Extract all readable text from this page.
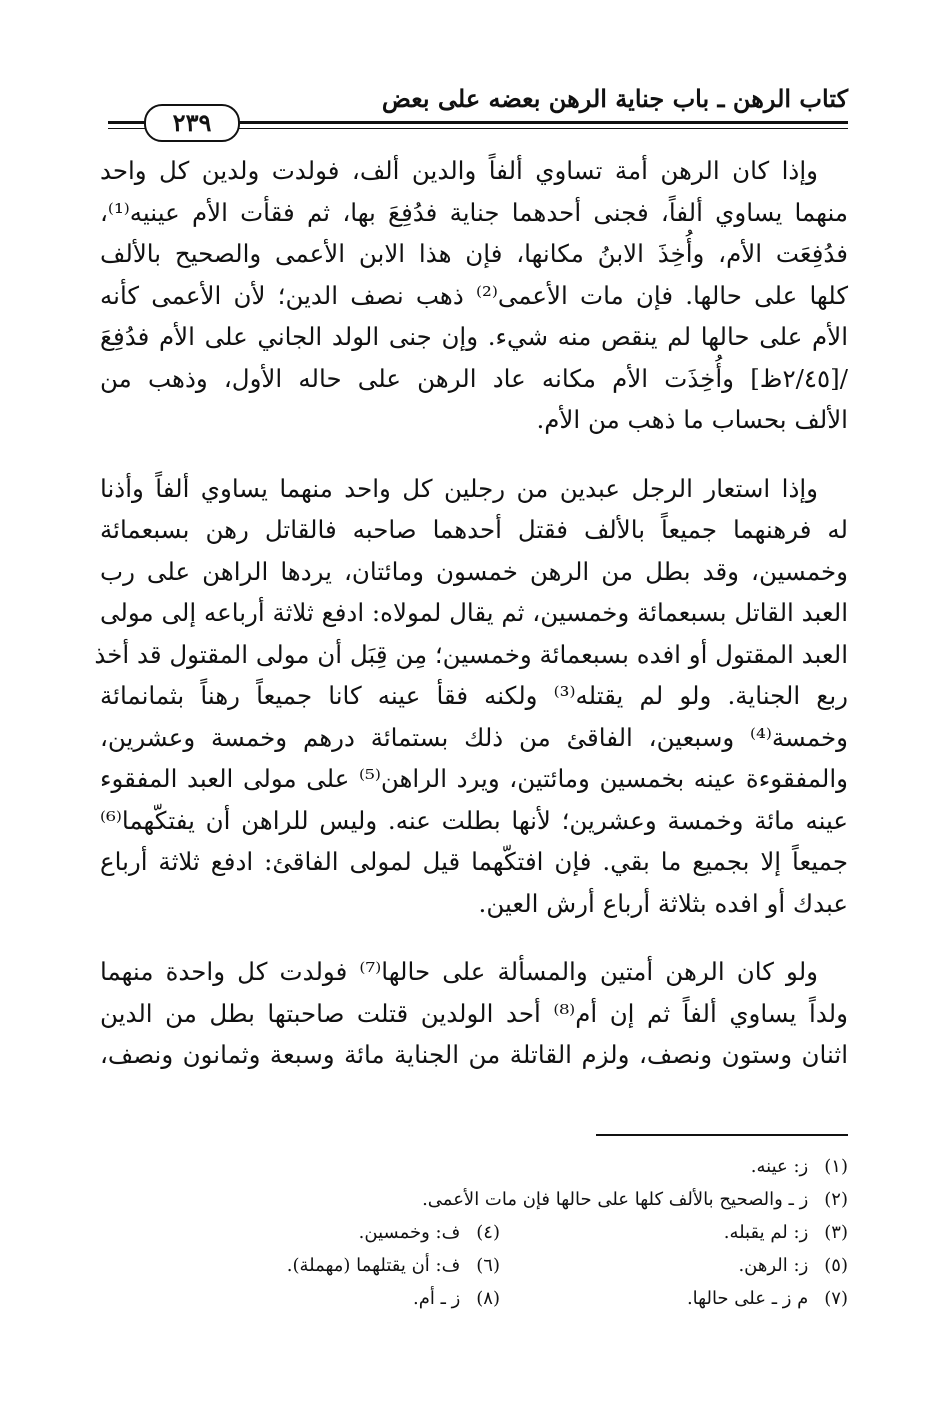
كتاب الرهن ـ باب جناية الرهن بعضه على بعض
٢٣٩
وإذا كان الرهن أمة تساوي ألفاً والدين ألف، فولدت ولدين كل واحد
منهما يساوي ألفاً، فجنى أحدهما جناية فدُفِعَ بها، ثم فقأت الأم عينيه⁽¹⁾،
فدُفِعَت الأم، وأُخِذَ الابنُ مكانها، فإن هذا الابن الأعمى والصحيح بالألف
كلها على حالها. فإن مات الأعمى⁽²⁾ ذهب نصف الدين؛ لأن الأعمى كأنه
الأم على حالها لم ينقص منه شيء. وإن جنى الولد الجاني على الأم فدُفِعَ
/[٢/٤٥ظ] وأُخِذَت الأم مكانه عاد الرهن على حاله الأول، وذهب من
الألف بحساب ما ذهب من الأم.
وإذا استعار الرجل عبدين من رجلين كل واحد منهما يساوي ألفاً وأذنا
له فرهنهما جميعاً بالألف فقتل أحدهما صاحبه فالقاتل رهن بسبعمائة
وخمسين، وقد بطل من الرهن خمسون ومائتان، يردها الراهن على رب
العبد القاتل بسبعمائة وخمسين، ثم يقال لمولاه: ادفع ثلاثة أرباعه إلى مولى
العبد المقتول أو افده بسبعمائة وخمسين؛ مِن قِبَل أن مولى المقتول قد أخذ
ربع الجناية. ولو لم يقتله⁽³⁾ ولكنه فقأ عينه كانا جميعاً رهناً بثمانمائة
وخمسة⁽⁴⁾ وسبعين، الفاقئ من ذلك بستمائة درهم وخمسة وعشرين،
والمفقوءة عينه بخمسين ومائتين، ويرد الراهن⁽⁵⁾ على مولى العبد المفقوء
عينه مائة وخمسة وعشرين؛ لأنها بطلت عنه. وليس للراهن أن يفتكّهما⁽⁶⁾
جميعاً إلا بجميع ما بقي. فإن افتكّهما قيل لمولى الفاقئ: ادفع ثلاثة أرباع
عبدك أو افده بثلاثة أرباع أرش العين.
ولو كان الرهن أمتين والمسألة على حالها⁽⁷⁾ فولدت كل واحدة منهما
ولداً يساوي ألفاً ثم إن أم⁽⁸⁾ أحد الولدين قتلت صاحبتها بطل من الدين
اثنان وستون ونصف، ولزم القاتلة من الجناية مائة وسبعة وثمانون ونصف،
(١) ز: عينه.
(٢) ز ـ والصحيح بالألف كلها على حالها فإن مات الأعمى.
(٣) ز: لم يقبله.
(٤) ف: وخمسين.
(٥) ز: الرهن.
(٦) ف: أن يقتلهما (مهملة).
(٧) م ز ـ على حالها.
(٨) ز ـ أم.
